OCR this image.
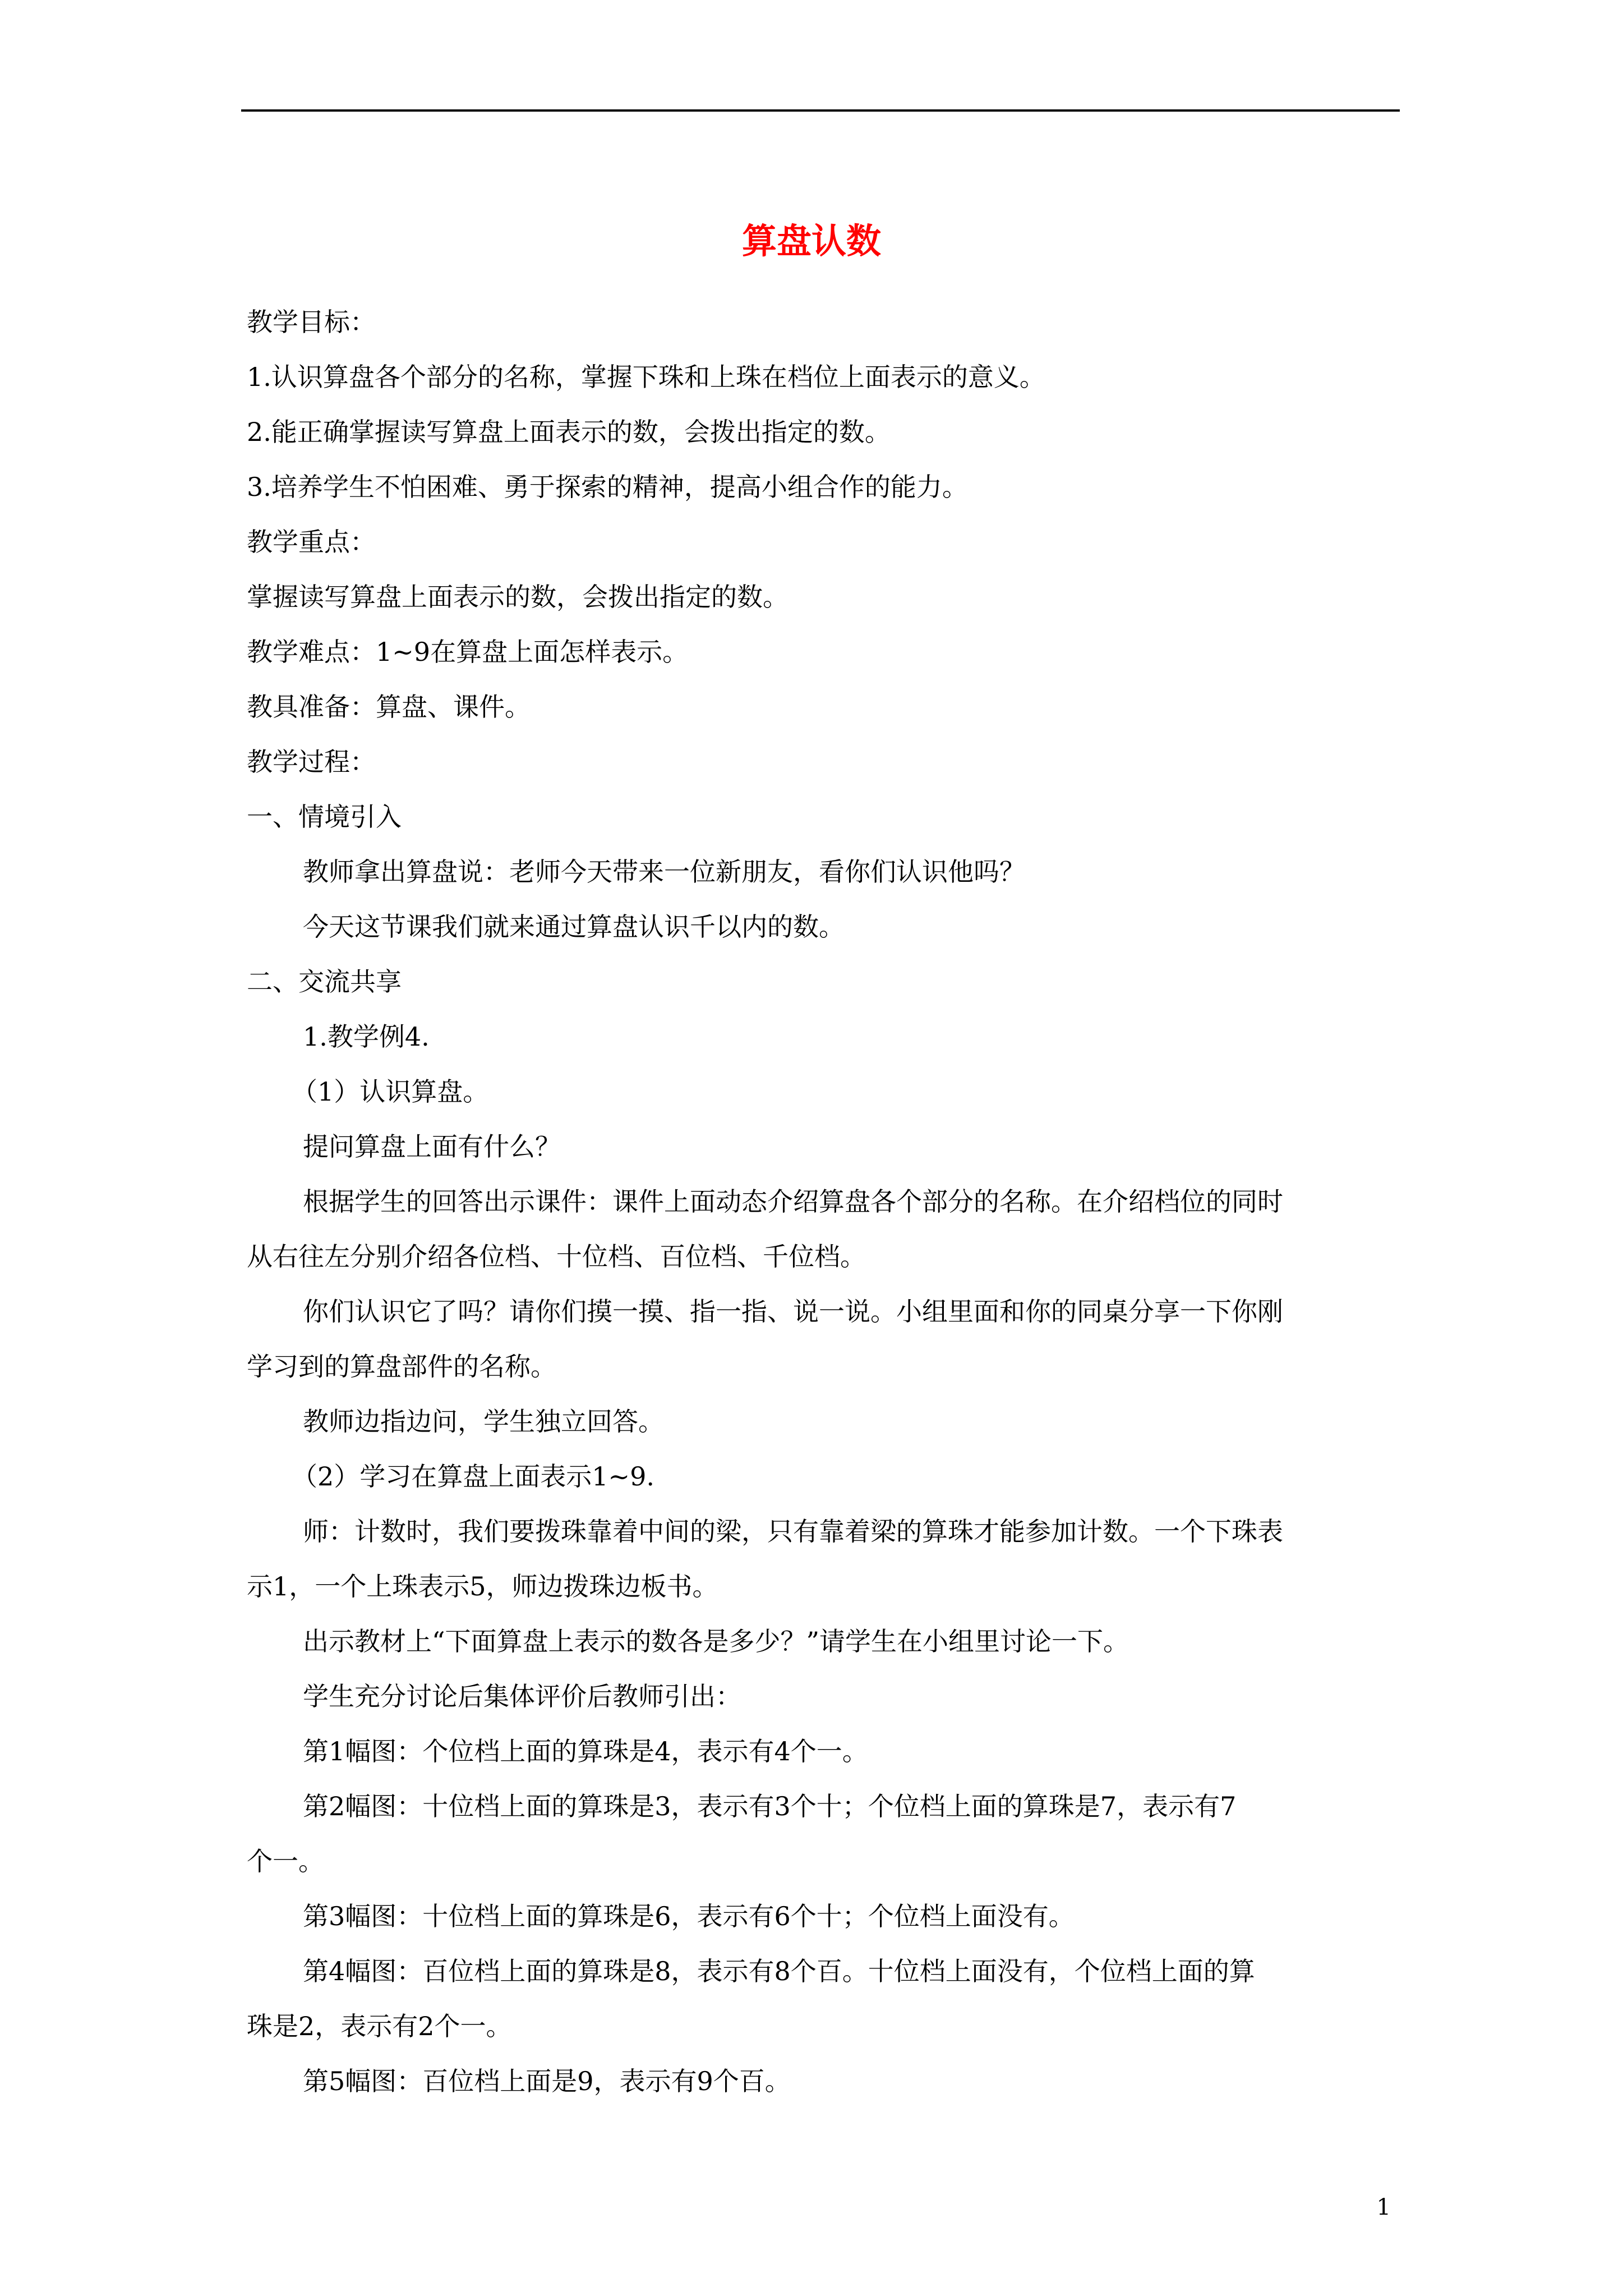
算盘认数
教学目标：
1.认识算盘各个部分的名称，掌握下珠和上珠在档位上面表示的意义。
2.能正确掌握读写算盘上面表示的数，会拨出指定的数。
3.培养学生不怕困难、勇于探索的精神，提高小组合作的能力。
教学重点：
掌握读写算盘上面表示的数，会拨出指定的数。
教学难点：1~9在算盘上面怎样表示。
教具准备：算盘、课件。
教学过程：
一、情境引入
教师拿出算盘说：老师今天带来一位新朋友，看你们认识他吗？
今天这节课我们就来通过算盘认识千以内的数。
二、交流共享
1.教学例4.
（1）认识算盘。
提问算盘上面有什么？
根据学生的回答出示课件：课件上面动态介绍算盘各个部分的名称。在介绍档位的同时
从右往左分别介绍各位档、十位档、百位档、千位档。
你们认识它了吗？请你们摸一摸、指一指、说一说。小组里面和你的同桌分享一下你刚
学习到的算盘部件的名称。
教师边指边问，学生独立回答。
（2）学习在算盘上面表示1~9.
师：计数时，我们要拨珠靠着中间的梁，只有靠着梁的算珠才能参加计数。一个下珠表
示1，一个上珠表示5，师边拨珠边板书。
出示教材上“下面算盘上表示的数各是多少？”请学生在小组里讨论一下。
学生充分讨论后集体评价后教师引出：
第1幅图：个位档上面的算珠是4，表示有4个一。
第2幅图：十位档上面的算珠是3，表示有3个十；个位档上面的算珠是7，表示有7
个一。
第3幅图：十位档上面的算珠是6，表示有6个十；个位档上面没有。
第4幅图：百位档上面的算珠是8，表示有8个百。十位档上面没有，个位档上面的算
珠是2，表示有2个一。
第5幅图：百位档上面是9，表示有9个百。
1
